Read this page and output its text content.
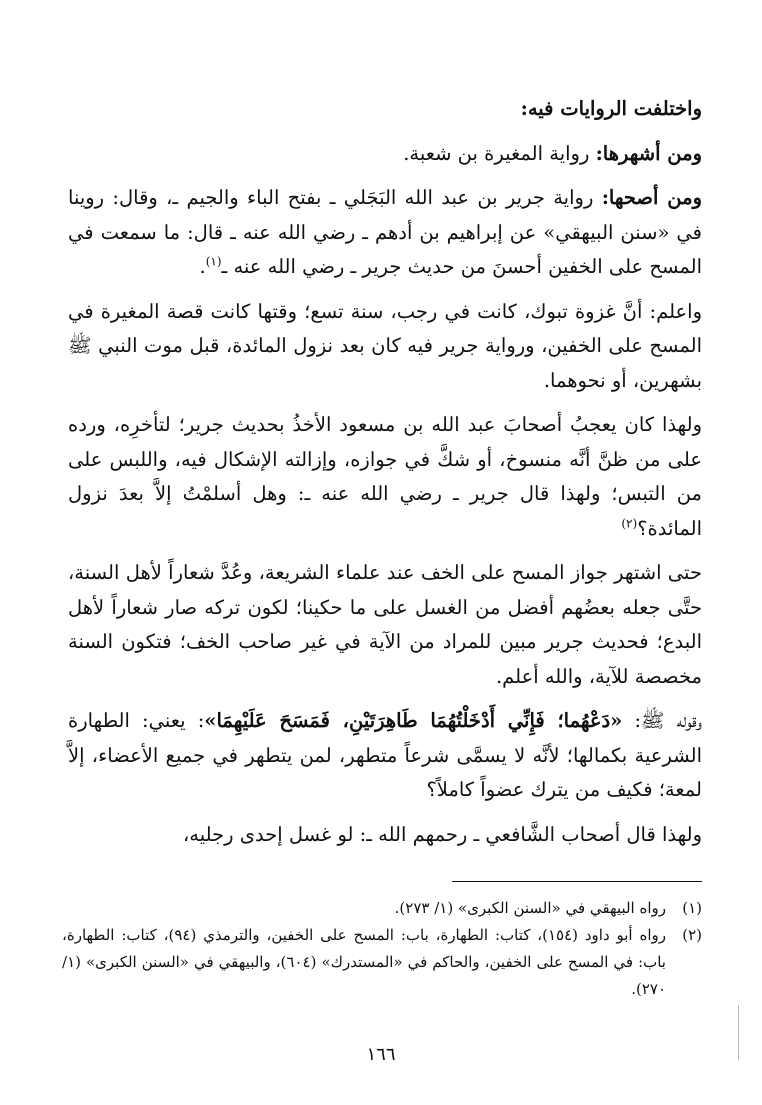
واختلفت الروايات فيه:

ومن أشهرها: رواية المغيرة بن شعبة.

ومن أصحها: رواية جرير بن عبد الله البَجَلي ـ بفتح الباء والجيم ـ، وقال: روينا في «سنن البيهقي» عن إبراهيم بن أدهم ـ رضي الله عنه ـ قال: ما سمعت في المسح على الخفين أحسنَ من حديث جرير ـ رضي الله عنه ـ$^{(١)}$.

واعلم: أنَّ غزوة تبوك، كانت في رجب، سنة تسع؛ وقتها كانت قصة المغيرة في المسح على الخفين، ورواية جرير فيه كان بعد نزول المائدة، قبل موت النبي ﷺ بشهرين، أو نحوهما.

ولهذا كان يعجبُ أصحابَ عبد الله بن مسعود الأخذُ بحديث جرير؛ لتأخرِه، ورده على من ظنَّ أنَّه منسوخ، أو شكَّ في جوازه، وإزالته الإشكال فيه، واللبس على من التبس؛ ولهذا قال جرير ـ رضي الله عنه ـ: وهل أسلمْتُ إلاَّ بعدَ نزول المائدة؟$^{(٢)}$

حتى اشتهر جواز المسح على الخف عند علماء الشريعة، وعُدَّ شعاراً لأهل السنة، حتَّى جعله بعضُهم أفضل من الغسل على ما حكينا؛ لكون تركه صار شعاراً لأهل البدع؛ فحديث جرير مبين للمراد من الآية في غير صاحب الخف؛ فتكون السنة مخصصة للآية، والله أعلم.

وقوله ﷺ: «دَعْهُما؛ فَإِنِّي أَدْخَلْتُهُمَا طَاهِرَتَيْنِ، فَمَسَحَ عَلَيْهِمَا»: يعني: الطهارة الشرعية بكمالها؛ لأنَّه لا يسمَّى شرعاً متطهر، لمن يتطهر في جميع الأعضاء، إلاَّ لمعة؛ فكيف من يترك عضواً كاملاً؟

ولهذا قال أصحاب الشَّافعي ـ رحمهم الله ـ: لو غسل إحدى رجليه،

(١)
رواه البيهقي في «السنن الكبرى» (١/ ٢٧٣).
(٢)
رواه أبو داود (١٥٤)، كتاب: الطهارة، باب: المسح على الخفين، والترمذي (٩٤)، كتاب: الطهارة، باب: في المسح على الخفين، والحاكم في «المستدرك» (٦٠٤)، والبيهقي في «السنن الكبرى» (١/ ٢٧٠).
١٦٦
